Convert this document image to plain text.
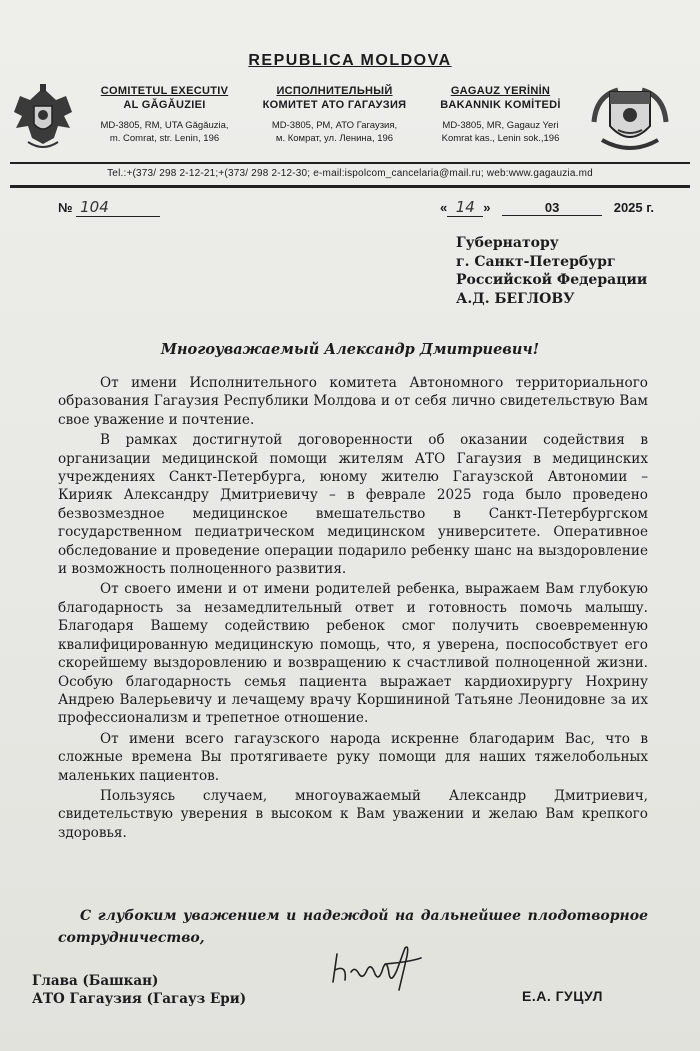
REPUBLICA MOLDOVA
COMITETUL EXECUTIV
AL GĂGĂUZIEI
MD-3805, RM, UTA Găgăuzia,
m. Comrat, str. Lenin, 196
ИСПОЛНИТЕЛЬНЫЙ
КОМИТЕТ АТО ГАГАУЗИЯ
MD-3805, РМ, АТО Гагаузия,
м. Комрат, ул. Ленина, 196
GAGAUZ YERİNİN
BAKANNIK KOMİTEDİ
MD-3805, MR, Gagauz Yeri
Komrat kas., Lenin sok.,196
Tel.:+(373/ 298 2-12-21;+(373/ 298 2-12-30; e-mail:ispolcom_cancelaria@mail.ru; web:www.gagauzia.md
№ 104	« 14 »	03	2025 г.
Губернатору
г. Санкт-Петербург
Российской Федерации
А.Д. БЕГЛОВУ
Многоуважаемый Александр Дмитриевич!

От имени Исполнительного комитета Автономного территориального образования Гагаузия Республики Молдова и от себя лично свидетельствую Вам свое уважение и почтение.

В рамках достигнутой договоренности об оказании содействия в организации медицинской помощи жителям АТО Гагаузия в медицинских учреждениях Санкт-Петербурга, юному жителю Гагаузской Автономии – Кирияк Александру Дмитриевичу – в феврале 2025 года было проведено безвозмездное медицинское вмешательство в Санкт-Петербургском государственном педиатрическом медицинском университете. Оперативное обследование и проведение операции подарило ребенку шанс на выздоровление и возможность полноценного развития.

От своего имени и от имени родителей ребенка, выражаем Вам глубокую благодарность за незамедлительный ответ и готовность помочь малышу. Благодаря Вашему содействию ребенок смог получить своевременную квалифицированную медицинскую помощь, что, я уверена, поспособствует его скорейшему выздоровлению и возвращению к счастливой полноценной жизни. Особую благодарность семья пациента выражает кардиохирургу Нохрину Андрею Валерьевичу и лечащему врачу Коршининой Татьяне Леонидовне за их профессионализм и трепетное отношение.

От имени всего гагаузского народа искренне благодарим Вас, что в сложные времена Вы протягиваете руку помощи для наших тяжелобольных маленьких пациентов.

Пользуясь случаем, многоуважаемый Александр Дмитриевич, свидетельствую уверения в высоком к Вам уважении и желаю Вам крепкого здоровья.

С глубоким уважением и надеждой на дальнейшее плодотворное сотрудничество,
Глава (Башкан)
АТО Гагаузия (Гагауз Ери)	Е.А. ГУЦУЛ
